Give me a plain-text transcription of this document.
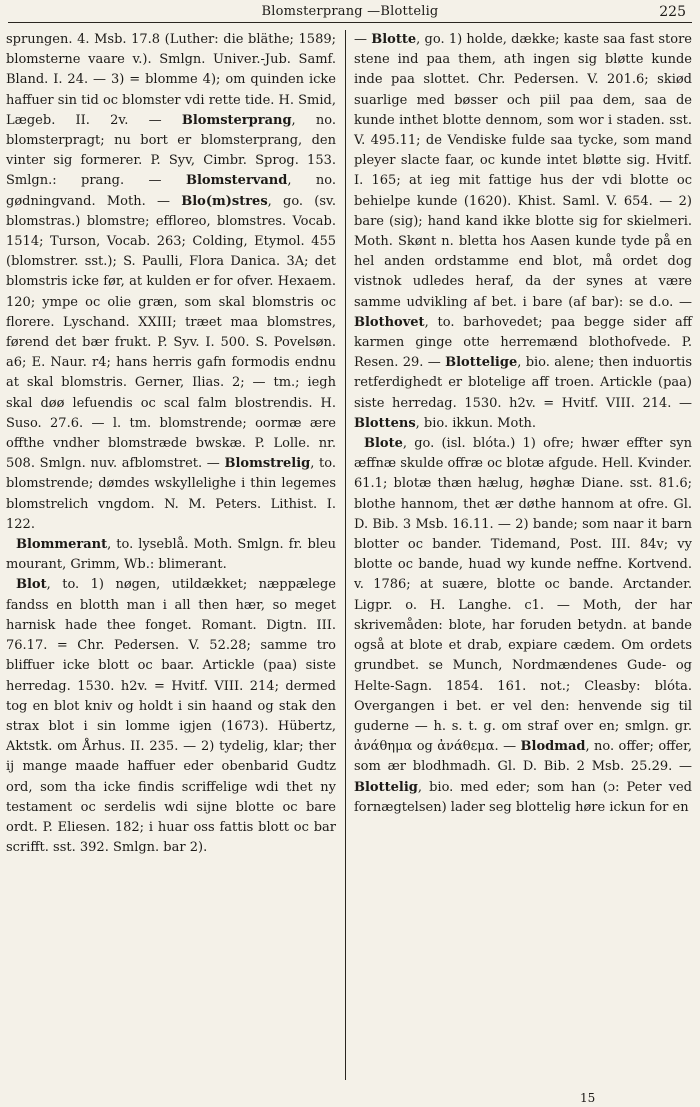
Blomsterprang —Blottelig	225

sprungen. 4. Msb. 17.8 (Luther: die bläthe; 1589; blomsterne vaare v.). Smlgn. Univer.-Jub. Samf. Bland. I. 24. — 3) = blomme 4); om quinden icke haffuer sin tid oc blomster vdi rette tide. H. Smid, Lægeb. II. 2v. — Blomsterprang, no. blomsterpragt; nu bort er blomsterprang, den vinter sig formerer. P. Syv, Cimbr. Sprog. 153. Smlgn.: prang. — Blomstervand, no. gødningvand. Moth. — Blo(m)stres, go. (sv. blomstras.) blomstre; effloreo, blomstres. Vocab. 1514; Turson, Vocab. 263; Colding, Etymol. 455 (blomstrer. sst.); S. Paulli, Flora Danica. 3A; det blomstris icke før, at kulden er for ofver. Hexaem. 120; ympe oc olie græn, som skal blomstris oc florere. Lyschand. XXIII; træet maa blomstres, førend det bær frukt. P. Syv. I. 500. S. Povelsøn. a6; E. Naur. r4; hans herris gafn formodis endnu at skal blomstris. Gerner, Ilias. 2; — tm.; iegh skal døø lefuendis oc scal falm blostrendis. H. Suso. 27.6. — l. tm. blomstrende; oormæ ære offthe vndher blomstræde bwskæ. P. Lolle. nr. 508. Smlgn. nuv. afblomstret. — Blomstrelig, to. blomstrende; dømdes wskyllelighe i thin legemes blomstrelich vngdom. N. M. Peters. Lithist. I. 122.

Blommerant, to. lyseblå. Moth. Smlgn. fr. bleu mourant, Grimm, Wb.: blimerant.

Blot, to. 1) nøgen, utildækket; næppælege fandss en blotth man i all then hær, so meget harnisk hade thee fonget. Romant. Digtn. III. 76.17. = Chr. Pedersen. V. 52.28; samme tro bliffuer icke blott oc baar. Artickle (paa) siste herredag. 1530. h2v. = Hvitf. VIII. 214; dermed tog en blot kniv og holdt i sin haand og stak den strax blot i sin lomme igjen (1673). Hübertz, Aktstk. om Århus. II. 235. — 2) tydelig, klar; ther ij mange maade haffuer eder obenbarid Gudtz ord, som tha icke findis scriffelige wdi thet ny testament oc serdelis wdi sijne blotte oc bare ordt. P. Eliesen. 182; i huar oss fattis blott oc bar scrifft. sst. 392. Smlgn. bar 2).

— Blotte, go. 1) holde, dække; kaste saa fast store stene ind paa them, ath ingen sig bløtte kunde inde paa slottet. Chr. Pedersen. V. 201.6; skiød suarlige med bøsser och piil paa dem, saa de kunde inthet blotte dennom, som wor i staden. sst. V. 495.11; de Vendiske fulde saa tycke, som mand pleyer slacte faar, oc kunde intet bløtte sig. Hvitf. I. 165; at ieg mit fattige hus der vdi blotte oc behielpe kunde (1620). Khist. Saml. V. 654. — 2) bare (sig); hand kand ikke blotte sig for skielmeri. Moth. Skønt n. bletta hos Aasen kunde tyde på en hel anden ordstamme end blot, må ordet dog vistnok udledes heraf, da der synes at være samme udvikling af bet. i bare (af bar): se d.o. — Blothovet, to. barhovedet; paa begge sider aff karmen ginge otte herremænd blothofvede. P. Resen. 29. — Blottelige, bio. alene; then induortis retferdighedt er blotelige aff troen. Artickle (paa) siste herredag. 1530. h2v. = Hvitf. VIII. 214. — Blottens, bio. ikkun. Moth.

Blote, go. (isl. blóta.) 1) ofre; hwær effter syn æffnæ skulde offræ oc blotæ afgude. Hell. Kvinder. 61.1; blotæ thæn hælug, høghæ Diane. sst. 81.6; blothe hannom, thet ær døthe hannom at ofre. Gl. D. Bib. 3 Msb. 16.11. — 2) bande; som naar it barn blotter oc bander. Tidemand, Post. III. 84v; vy blotte oc bande, huad wy kunde neffne. Kortvend. v. 1786; at suære, blotte oc bande. Arctander. Ligpr. o. H. Langhe. c1. — Moth, der har skrivemåden: blote, har foruden betydn. at bande også at blote et drab, expiare cædem. Om ordets grundbet. se Munch, Nordmændenes Gude- og Helte-Sagn. 1854. 161. not.; Cleasby: blóta. Overgangen i bet. er vel den: henvende sig til guderne — h. s. t. g. om straf over en; smlgn. gr. ἀνάθημα og ἀνάθεμα. — Blodmad, no. offer; offer, som ær blodhmadh. Gl. D. Bib. 2 Msb. 25.29. — Blottelig, bio. med eder; som han (ɔ: Peter ved fornægtelsen) lader seg blottelig høre ickun for en

15
